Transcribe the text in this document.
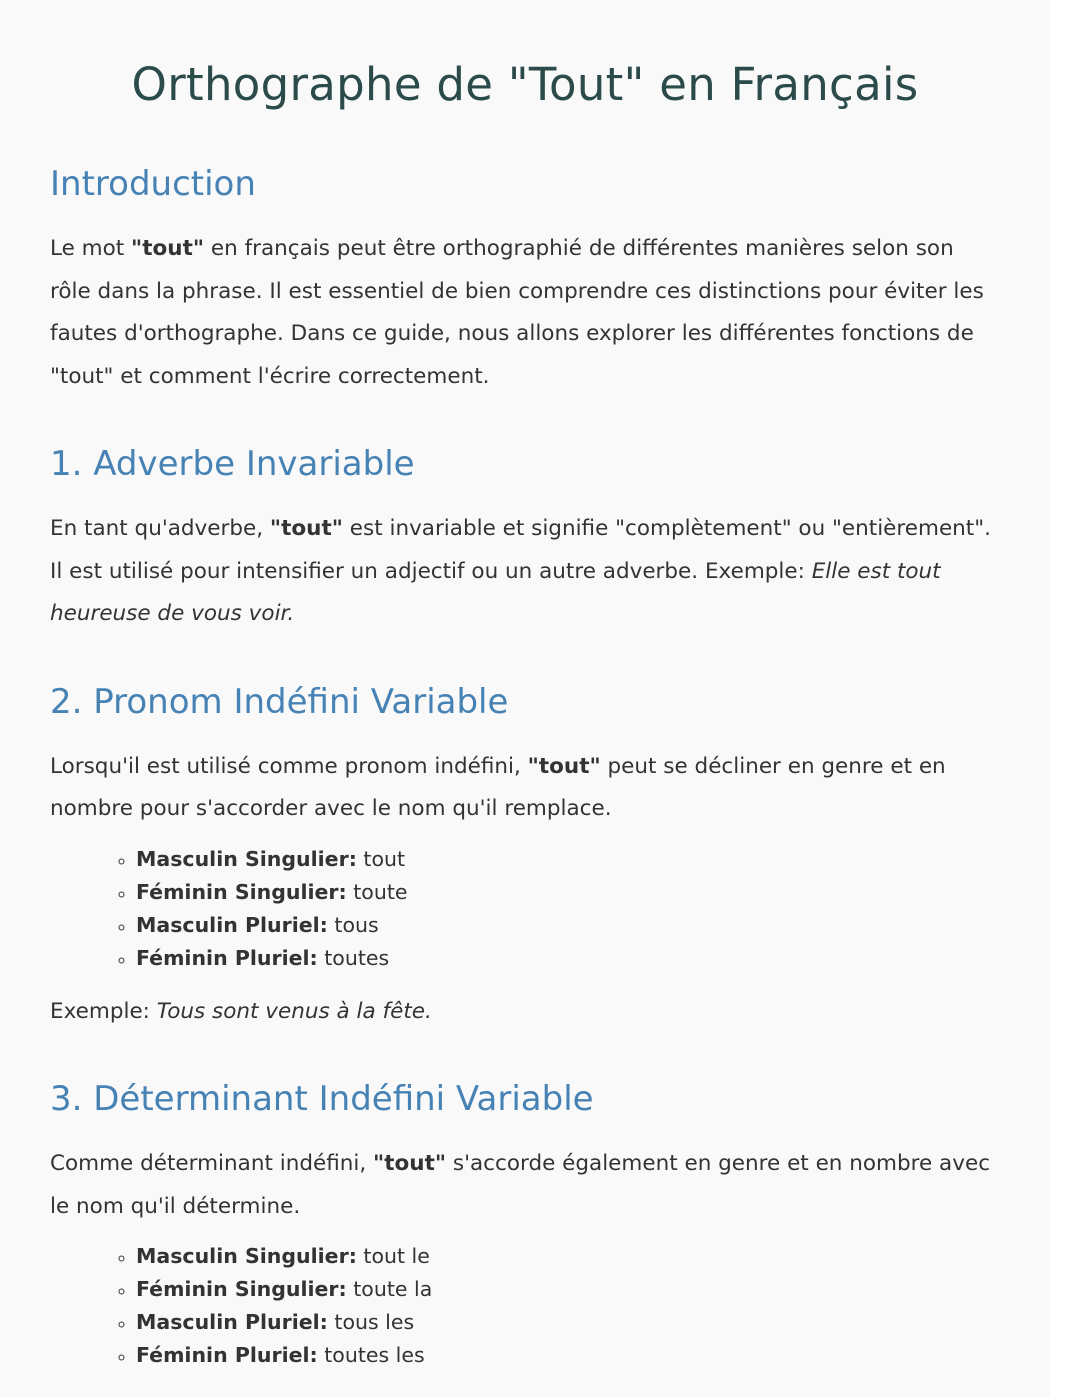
Orthographe de "Tout" en Français
Introduction

Le mot "tout" en français peut être orthographié de différentes manières selon son rôle dans la phrase. Il est essentiel de bien comprendre ces distinctions pour éviter les fautes d'orthographe. Dans ce guide, nous allons explorer les différentes fonctions de "tout" et comment l'écrire correctement.

1. Adverbe Invariable

En tant qu'adverbe, "tout" est invariable et signifie "complètement" ou "entièrement". Il est utilisé pour intensifier un adjectif ou un autre adverbe. Exemple: Elle est tout heureuse de vous voir.

2. Pronom Indéfini Variable

Lorsqu'il est utilisé comme pronom indéfini, "tout" peut se décliner en genre et en nombre pour s'accorder avec le nom qu'il remplace.

◦ Masculin Singulier: tout
◦ Féminin Singulier: toute
◦ Masculin Pluriel: tous
◦ Féminin Pluriel: toutes

Exemple: Tous sont venus à la fête.

3. Déterminant Indéfini Variable

Comme déterminant indéfini, "tout" s'accorde également en genre et en nombre avec le nom qu'il détermine.

◦ Masculin Singulier: tout le
◦ Féminin Singulier: toute la
◦ Masculin Pluriel: tous les
◦ Féminin Pluriel: toutes les
